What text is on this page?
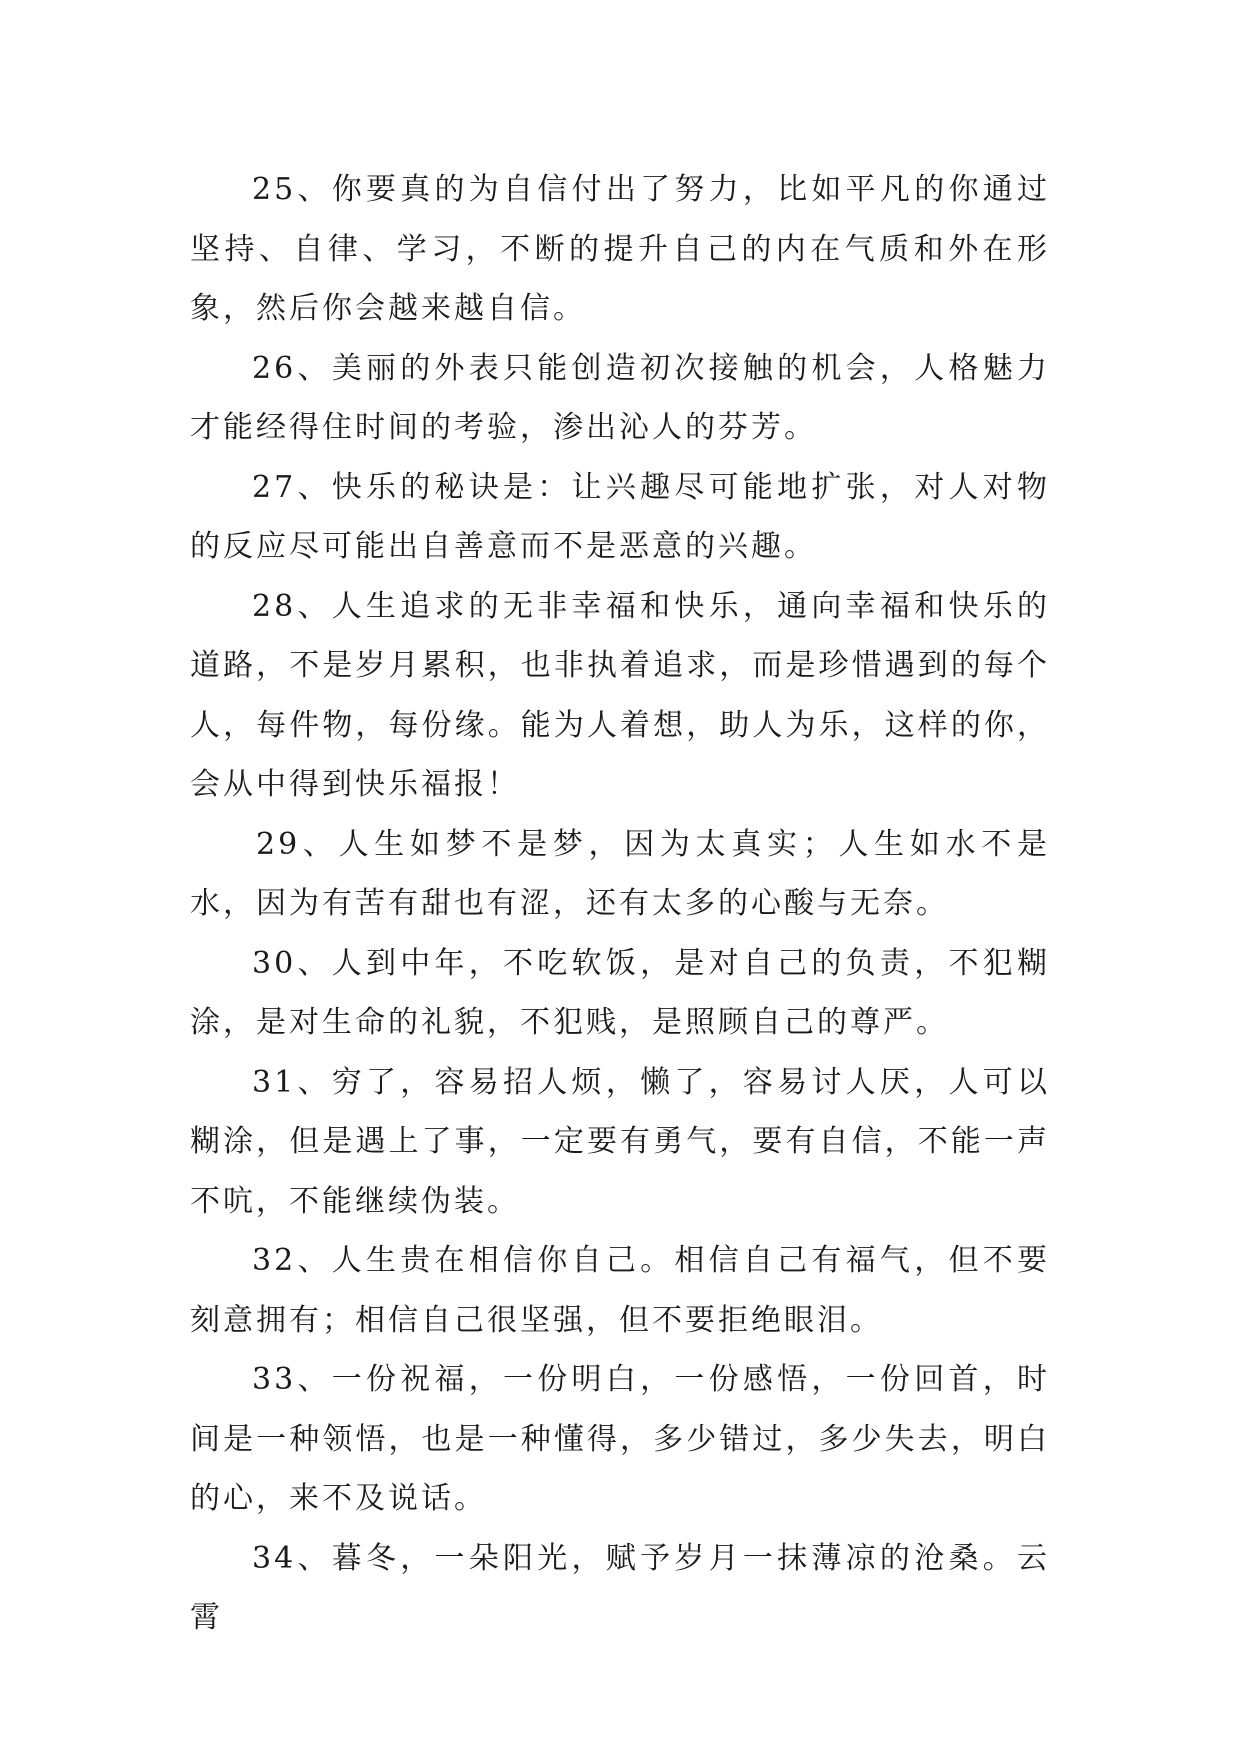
25、你要真的为自信付出了努力，比如平凡的你通过坚持、自律、学习，不断的提升自己的内在气质和外在形象，然后你会越来越自信。

26、美丽的外表只能创造初次接触的机会，人格魅力才能经得住时间的考验，渗出沁人的芬芳。

27、快乐的秘诀是：让兴趣尽可能地扩张，对人对物的反应尽可能出自善意而不是恶意的兴趣。

28、人生追求的无非幸福和快乐，通向幸福和快乐的道路，不是岁月累积，也非执着追求，而是珍惜遇到的每个人，每件物，每份缘。能为人着想，助人为乐，这样的你，会从中得到快乐福报！

29、人生如梦不是梦，因为太真实；人生如水不是水，因为有苦有甜也有涩，还有太多的心酸与无奈。

30、人到中年，不吃软饭，是对自己的负责，不犯糊涂，是对生命的礼貌，不犯贱，是照顾自己的尊严。

31、穷了，容易招人烦，懒了，容易讨人厌，人可以糊涂，但是遇上了事，一定要有勇气，要有自信，不能一声不吭，不能继续伪装。

32、人生贵在相信你自己。相信自己有福气，但不要刻意拥有；相信自己很坚强，但不要拒绝眼泪。

33、一份祝福，一份明白，一份感悟，一份回首，时间是一种领悟，也是一种懂得，多少错过，多少失去，明白的心，来不及说话。

34、暮冬，一朵阳光，赋予岁月一抹薄凉的沧桑。云霄
